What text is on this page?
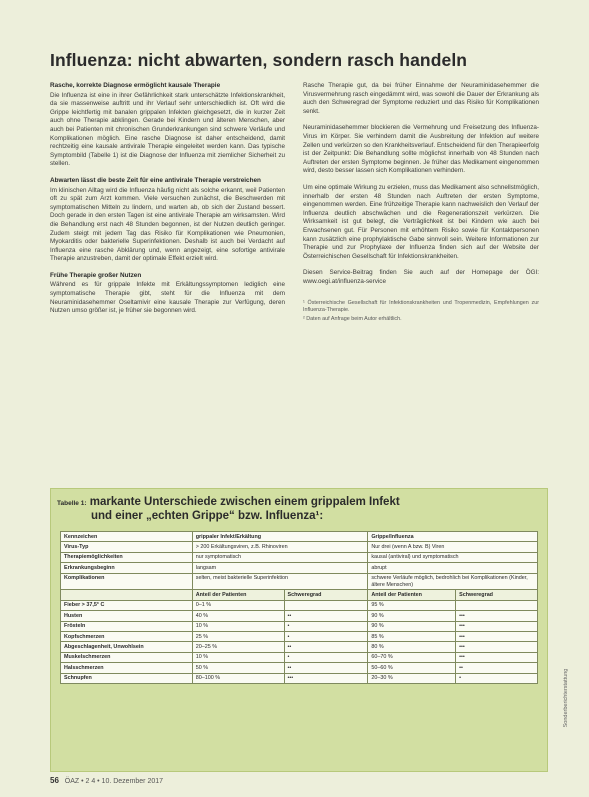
Influenza: nicht abwarten, sondern rasch handeln
Rasche, korrekte Diagnose ermöglicht kausale Therapie

Die Influenza ist eine in ihrer Gefährlichkeit stark unterschätzte Infektionskrankheit, da sie massenweise auftritt und ihr Verlauf sehr unterschiedlich ist. Oft wird die Grippe leichtfertig mit banalen grippalen Infekten gleichgesetzt, die in kurzer Zeit auch ohne Therapie abklingen. Gerade bei Kindern und älteren Menschen, aber auch bei Patienten mit chronischen Grunderkrankungen sind schwere Verläufe und Komplikationen möglich. Eine rasche Diagnose ist daher entscheidend, damit rechtzeitig eine kausale antivirale Therapie eingeleitet werden kann. Das typische Symptombild (Tabelle 1) ist die Diagnose der Influenza mit ziemlicher Sicherheit zu stellen.

Abwarten lässt die beste Zeit für eine antivirale Therapie verstreichen

Im klinischen Alltag wird die Influenza häufig nicht als solche erkannt, weil Patienten oft zu spät zum Arzt kommen. Viele versuchen zunächst, die Beschwerden mit symptomatischen Mitteln zu lindern, und warten ab, ob sich der Zustand bessert. Doch gerade in den ersten Tagen ist eine antivirale Therapie am wirksamsten. Wird die Behandlung erst nach 48 Stunden begonnen, ist der Nutzen deutlich geringer. Zudem steigt mit jedem Tag das Risiko für Komplikationen wie Pneumonien, Myokarditis oder bakterielle Superinfektionen. Deshalb ist auch bei Verdacht auf Influenza eine rasche Abklärung und, wenn angezeigt, eine sofortige antivirale Therapie anzustreben, damit der optimale Effekt erzielt wird.

Frühe Therapie großer Nutzen

Während es für grippale Infekte mit Erkältungssymptomen lediglich eine symptomatische Therapie gibt, steht für die Influenza mit dem Neuraminidasehemmer Oseltamivir eine kausale Therapie zur Verfügung, deren Nutzen umso größer ist, je früher sie begonnen wird.

Rasche Therapie gut, da bei früher Einnahme der Neuraminidasehemmer die Virusvermehrung rasch eingedämmt wird, was sowohl die Dauer der Erkrankung als auch den Schweregrad der Symptome reduziert und das Risiko für Komplikationen senkt.

Neuraminidasehemmer blockieren die Vermehrung und Freisetzung des Influenza-Virus im Körper. Sie verhindern damit die Ausbreitung der Infektion auf weitere Zellen und verkürzen so den Krankheitsverlauf. Entscheidend für den Therapieerfolg ist der Zeitpunkt: Die Behandlung sollte möglichst innerhalb von 48 Stunden nach Auftreten der ersten Symptome beginnen. Je früher das Medikament eingenommen wird, desto besser lassen sich Komplikationen verhindern.

Um eine optimale Wirkung zu erzielen, muss das Medikament also schnellstmöglich, innerhalb der ersten 48 Stunden nach Auftreten der ersten Symptome, eingenommen werden. Eine frühzeitige Therapie kann nachweislich den Verlauf der Influenza deutlich abschwächen und die Regenerationszeit verkürzen. Die Wirksamkeit ist gut belegt, die Verträglichkeit ist bei Kindern wie auch bei Erwachsenen gut. Für Personen mit erhöhtem Risiko sowie für Kontaktpersonen kann zusätzlich eine prophylaktische Gabe sinnvoll sein. Weitere Informationen zur Therapie und zur Prophylaxe der Influenza finden sich auf der Website der Österreichischen Gesellschaft für Infektionskrankheiten.

Diesen Service-Beitrag finden Sie auch auf der Homepage der ÖGI: www.oegi.at/influenza-service

¹ Österreichische Gesellschaft für Infektionskrankheiten und Tropenmedizin, Empfehlungen zur Influenza-Therapie.
² Daten auf Anfrage beim Autor erhältlich.
Tabelle 1: markante Unterschiede zwischen einem grippalem Infekt
und einer „echten Grippe“ bzw. Influenza¹:
Kennzeichen	grippaler Infekt/Erkältung		Grippe/Influenza	
Virus-Typ	> 200 Erkältungsviren, z.B. Rhinoviren		Nur drei (wenn A bzw. B) Viren	
Therapiemöglichkeiten	nur symptomatisch		kausal (antiviral) und symptomatisch	
Erkrankungsbeginn	langsam		abrupt	
Komplikationen	selten, meist bakterielle Superinfektion		schwere Verläufe möglich, bedrohlich bei Komplikationen (Kinder, ältere Menschen)	
	Anteil der Patienten	Schweregrad	Anteil der Patienten	Schweregrad
Fieber > 37,5° C	0–1 %		95 %	
Husten	40 %	••	90 %	•••
Frösteln	10 %	•	90 %	•••
Kopfschmerzen	25 %	•	85 %	•••
Abgeschlagenheit, Unwohlsein	20–25 %	••	80 %	•••
Muskelschmerzen	10 %	•	60–70 %	•••
Halsschmerzen	50 %	••	50–60 %	••
Schnupfen	80–100 %	•••	20–30 %	•
56 ÖAZ • 2 4 • 10. Dezember 2017
Sonderberichterstattung
